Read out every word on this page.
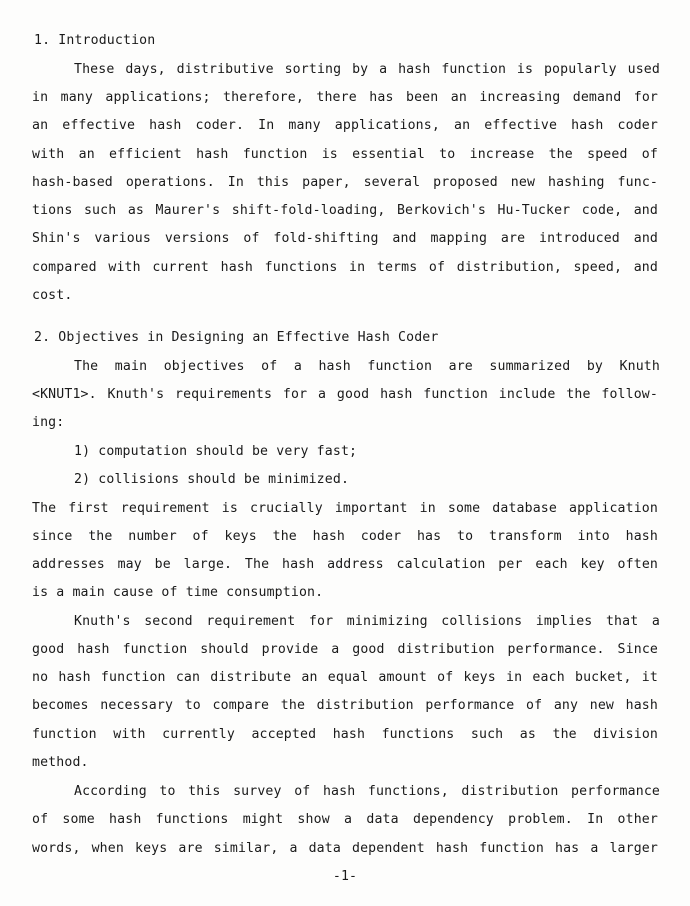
1. Introduction
These days, distributive sorting by a hash function is popularly used
in many applications; therefore, there has been an increasing demand for
an effective hash coder. In many applications, an effective hash coder
with an efficient hash function is essential to increase the speed of
hash-based operations. In this paper, several proposed new hashing func-
tions such as Maurer's shift-fold-loading, Berkovich's Hu-Tucker code, and
Shin's various versions of fold-shifting and mapping are introduced and
compared with current hash functions in terms of distribution, speed, and
cost.
2. Objectives in Designing an Effective Hash Coder
The main objectives of a hash function are summarized by Knuth
<KNUT1>. Knuth's requirements for a good hash function include the follow-
ing:
1) computation should be very fast;
2) collisions should be minimized.
The first requirement is crucially important in some database application
since the number of keys the hash coder has to transform into hash
addresses may be large. The hash address calculation per each key often
is a main cause of time consumption.
Knuth's second requirement for minimizing collisions implies that a
good hash function should provide a good distribution performance. Since
no hash function can distribute an equal amount of keys in each bucket, it
becomes necessary to compare the distribution performance of any new hash
function with currently accepted hash functions such as the division
method.
According to this survey of hash functions, distribution performance
of some hash functions might show a data dependency problem. In other
words, when keys are similar, a data dependent hash function has a larger
-1-
